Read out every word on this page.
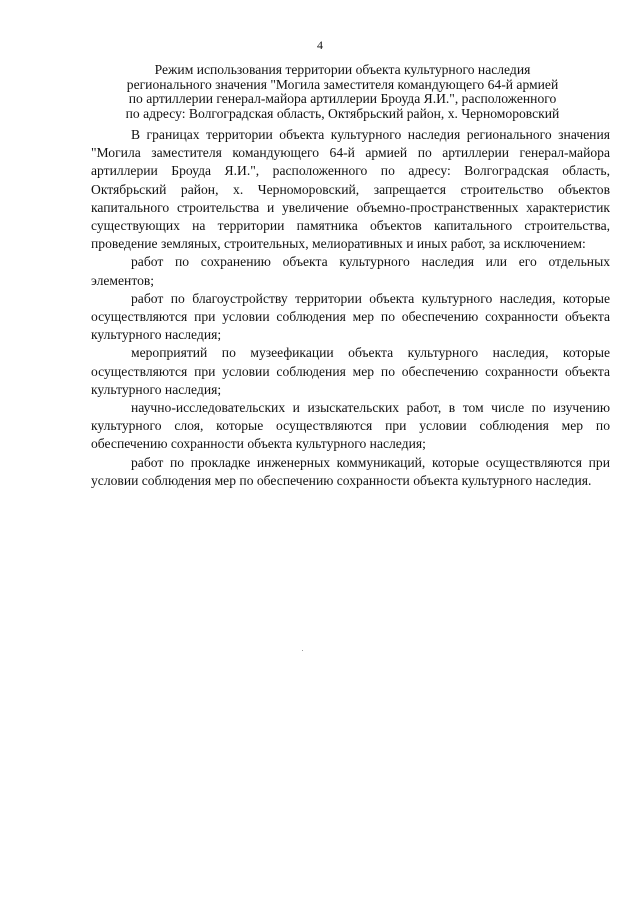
4
Режим использования территории объекта культурного наследия
регионального значения "Могила заместителя командующего 64-й армией
по артиллерии генерал-майора артиллерии Броуда Я.И.", расположенного
по адресу: Волгоградская область, Октябрьский район, х. Черноморовский

В границах территории объекта культурного наследия регионального значения "Могила заместителя командующего 64-й армией по артиллерии генерал-майора артиллерии Броуда Я.И.", расположенного по адресу: Волгоградская область, Октябрьский район, х. Черноморовский, запрещается строительство объектов капитального строительства и увеличение объемно-пространственных характеристик существующих на территории памятника объектов капитального строительства, проведение земляных, строительных, мелиоративных и иных работ, за исключением:

работ по сохранению объекта культурного наследия или его отдельных элементов;

работ по благоустройству территории объекта культурного наследия, которые осуществляются при условии соблюдения мер по обеспечению сохранности объекта культурного наследия;

мероприятий по музеефикации объекта культурного наследия, которые осуществляются при условии соблюдения мер по обеспечению сохранности объекта культурного наследия;

научно-исследовательских и изыскательских работ, в том числе по изучению культурного слоя, которые осуществляются при условии соблюдения мер по обеспечению сохранности объекта культурного наследия;

работ по прокладке инженерных коммуникаций, которые осуществляются при условии соблюдения мер по обеспечению сохранности объекта культурного наследия.
